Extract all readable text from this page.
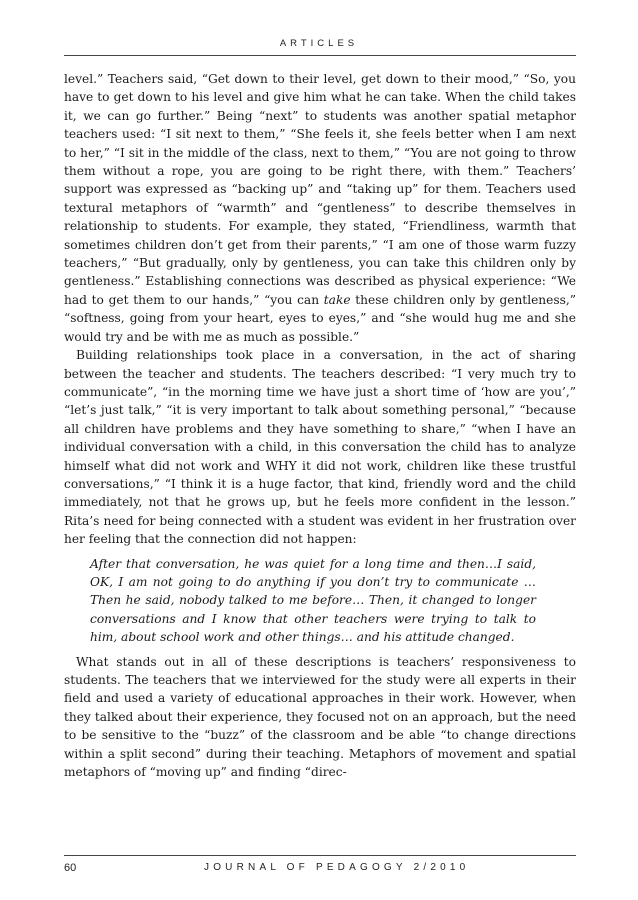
ARTICLES

level.” Teachers said, “Get down to their level, get down to their mood,” “So, you have to get down to his level and give him what he can take. When the child takes it, we can go further.” Being “next” to students was another spatial metaphor teachers used: “I sit next to them,” “She feels it, she feels better when I am next to her,” “I sit in the middle of the class, next to them,” “You are not going to throw them without a rope, you are going to be right there, with them.” Teachers’ support was expressed as “backing up” and “taking up” for them. Teachers used textural metaphors of “warmth” and “gentleness” to describe themselves in relationship to students. For example, they stated, “Friendliness, warmth that sometimes children don’t get from their parents,” “I am one of those warm fuzzy teachers,” “But gradually, only by gentleness, you can take this children only by gentleness.” Establishing connections was described as physical experience: “We had to get them to our hands,” “you can take these children only by gentleness,” “softness, going from your heart, eyes to eyes,” and “she would hug me and she would try and be with me as much as possible.”

Building relationships took place in a conversation, in the act of sharing between the teacher and students. The teachers described: “I very much try to communicate”, “in the morning time we have just a short time of ‘how are you’,” “let’s just talk,” “it is very important to talk about something personal,” “because all children have problems and they have something to share,” “when I have an individual conversation with a child, in this conversation the child has to analyze himself what did not work and WHY it did not work, children like these trustful conversations,” “I think it is a huge factor, that kind, friendly word and the child immediately, not that he grows up, but he feels more confident in the lesson.” Rita’s need for being connected with a student was evident in her frustration over her feeling that the connection did not happen:

After that conversation, he was quiet for a long time and then…I said, OK, I am not going to do anything if you don’t try to communicate …Then he said, nobody talked to me before… Then, it changed to longer conversations and I know that other teachers were trying to talk to him, about school work and other things… and his attitude changed.

What stands out in all of these descriptions is teachers’ responsiveness to students. The teachers that we interviewed for the study were all experts in their field and used a variety of educational approaches in their work. However, when they talked about their experience, they focused not on an approach, but the need to be sensitive to the “buzz” of the classroom and be able “to change directions within a split second” during their teaching. Metaphors of movement and spatial metaphors of “moving up” and finding “direc-

60	JOURNAL OF PEDAGOGY 2/2010
